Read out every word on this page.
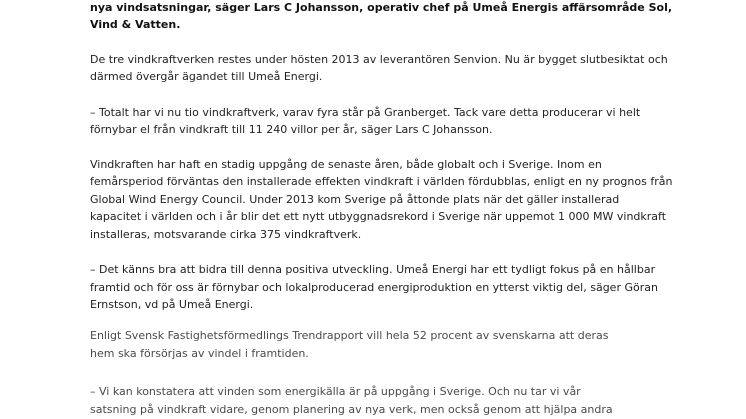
nya vindsatsningar, säger Lars C Johansson, operativ chef på Umeå Energis affärsområde Sol,
Vind & Vatten.
De tre vindkraftverken restes under hösten 2013 av leverantören Senvion. Nu är bygget slutbesiktat och
därmed övergår ägandet till Umeå Energi.
– Totalt har vi nu tio vindkraftverk, varav fyra står på Granberget. Tack vare detta producerar vi helt
förnybar el från vindkraft till 11 240 villor per år, säger Lars C Johansson.
Vindkraften har haft en stadig uppgång de senaste åren, både globalt och i Sverige. Inom en
femårsperiod förväntas den installerade effekten vindkraft i världen fördubblas, enligt en ny prognos från
Global Wind Energy Council. Under 2013 kom Sverige på åttonde plats när det gäller installerad
kapacitet i världen och i år blir det ett nytt utbyggnadsrekord i Sverige när uppemot 1 000 MW vindkraft
installeras, motsvarande cirka 375 vindkraftverk.
– Det känns bra att bidra till denna positiva utveckling. Umeå Energi har ett tydligt fokus på en hållbar
framtid och för oss är förnybar och lokalproducerad energiproduktion en ytterst viktig del, säger Göran
Ernstson, vd på Umeå Energi.
Enligt Svensk Fastighetsförmedlings Trendrapport vill hela 52 procent av svenskarna att deras
hem ska försörjas av vindel i framtiden.
– Vi kan konstatera att vinden som energikälla är på uppgång i Sverige. Och nu tar vi vår
satsning på vindkraft vidare, genom planering av nya verk, men också genom att hjälpa andra
